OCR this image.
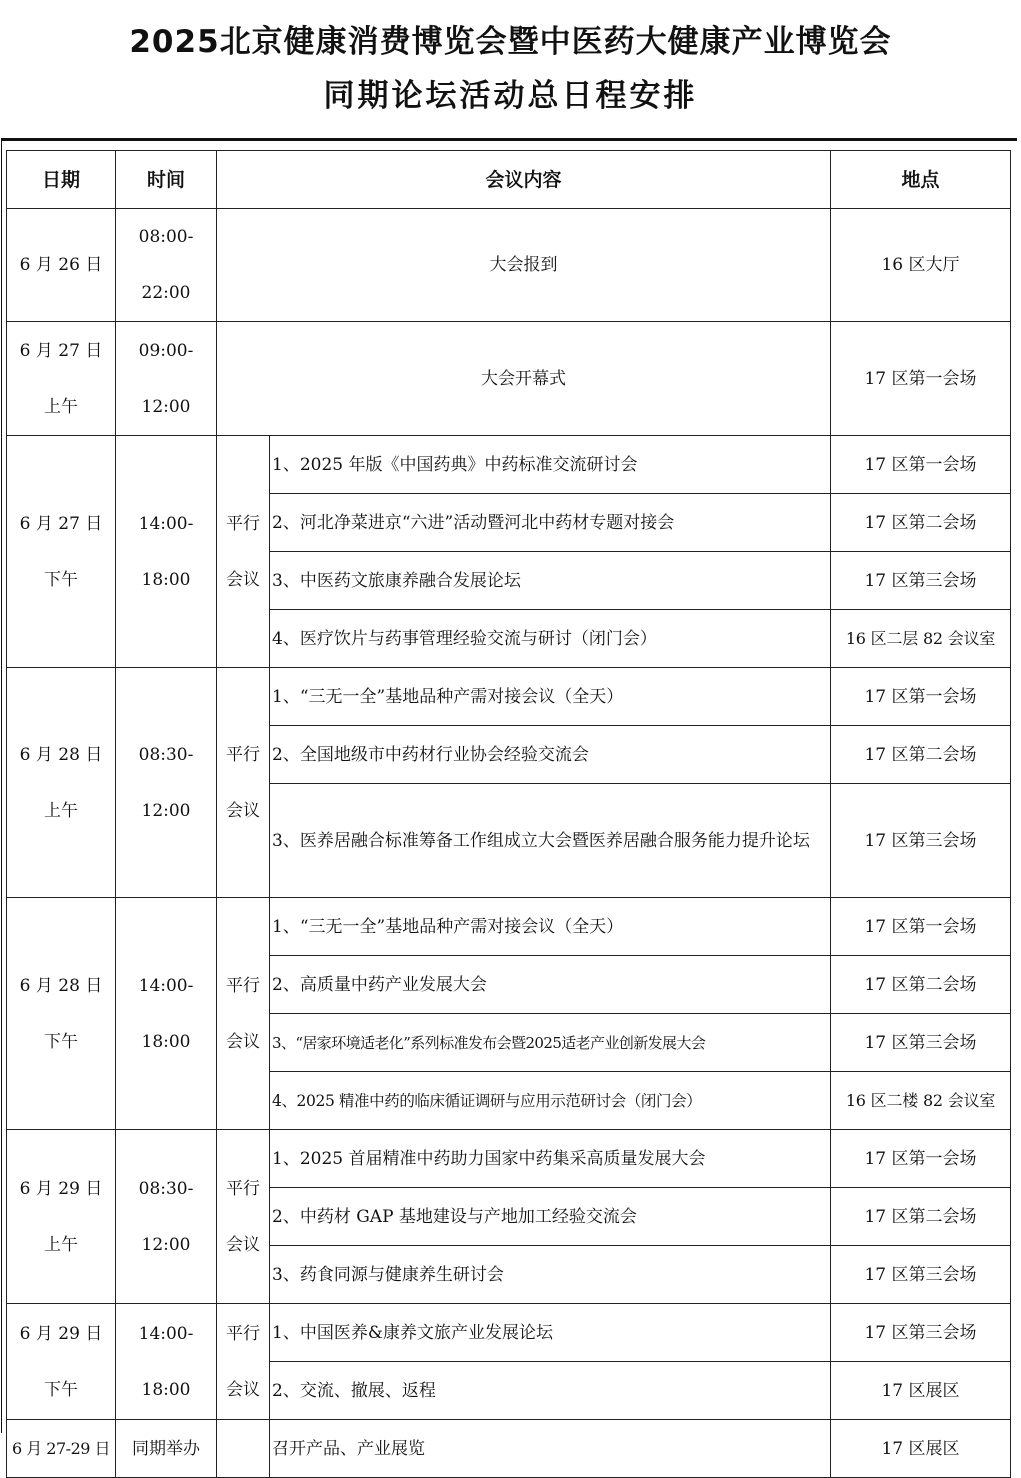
2025北京健康消费博览会暨中医药大健康产业博览会
同期论坛活动总日程安排
日期	时间	会议内容		地点
6 月 26 日	08:00-22:00	大会报到		16 区大厅

6 月 27 日
上午	09:00-12:00	大会开幕式		17 区第一会场

6 月 27 日
下午	14:00-18:00	平行
会议	1、2025 年版《中国药典》中药标准交流研讨会	17 区第一会场
			2、河北净菜进京“六进”活动暨河北中药材专题对接会	17 区第二会场
			3、中医药文旅康养融合发展论坛	17 区第三会场
			4、医疗饮片与药事管理经验交流与研讨（闭门会）	16 区二层 82 会议室

6 月 28 日
上午	08:30-12:00	平行
会议	1、“三无一全”基地品种产需对接会议（全天）	17 区第一会场
			2、全国地级市中药材行业协会经验交流会	17 区第二会场
			3、医养居融合标准筹备工作组成立大会暨医养居融合服务能力提升论坛	17 区第三会场

6 月 28 日
下午	14:00-18:00	平行
会议	1、“三无一全”基地品种产需对接会议（全天）	17 区第一会场
			2、高质量中药产业发展大会	17 区第二会场
			3、“居家环境适老化”系列标准发布会暨2025适老产业创新发展大会	17 区第三会场
			4、2025 精准中药的临床循证调研与应用示范研讨会（闭门会）	16 区二楼 82 会议室

6 月 29 日
上午	08:30-12:00	平行
会议	1、2025 首届精准中药助力国家中药集采高质量发展大会	17 区第一会场
			2、中药材 GAP 基地建设与产地加工经验交流会	17 区第二会场
			3、药食同源与健康养生研讨会	17 区第三会场

6 月 29 日
下午	14:00-18:00	平行
会议	1、中国医养&康养文旅产业发展论坛	17 区第三会场
			2、交流、撤展、返程	17 区展区
6 月 27-29 日	同期举办		召开产品、产业展览	17 区展区
